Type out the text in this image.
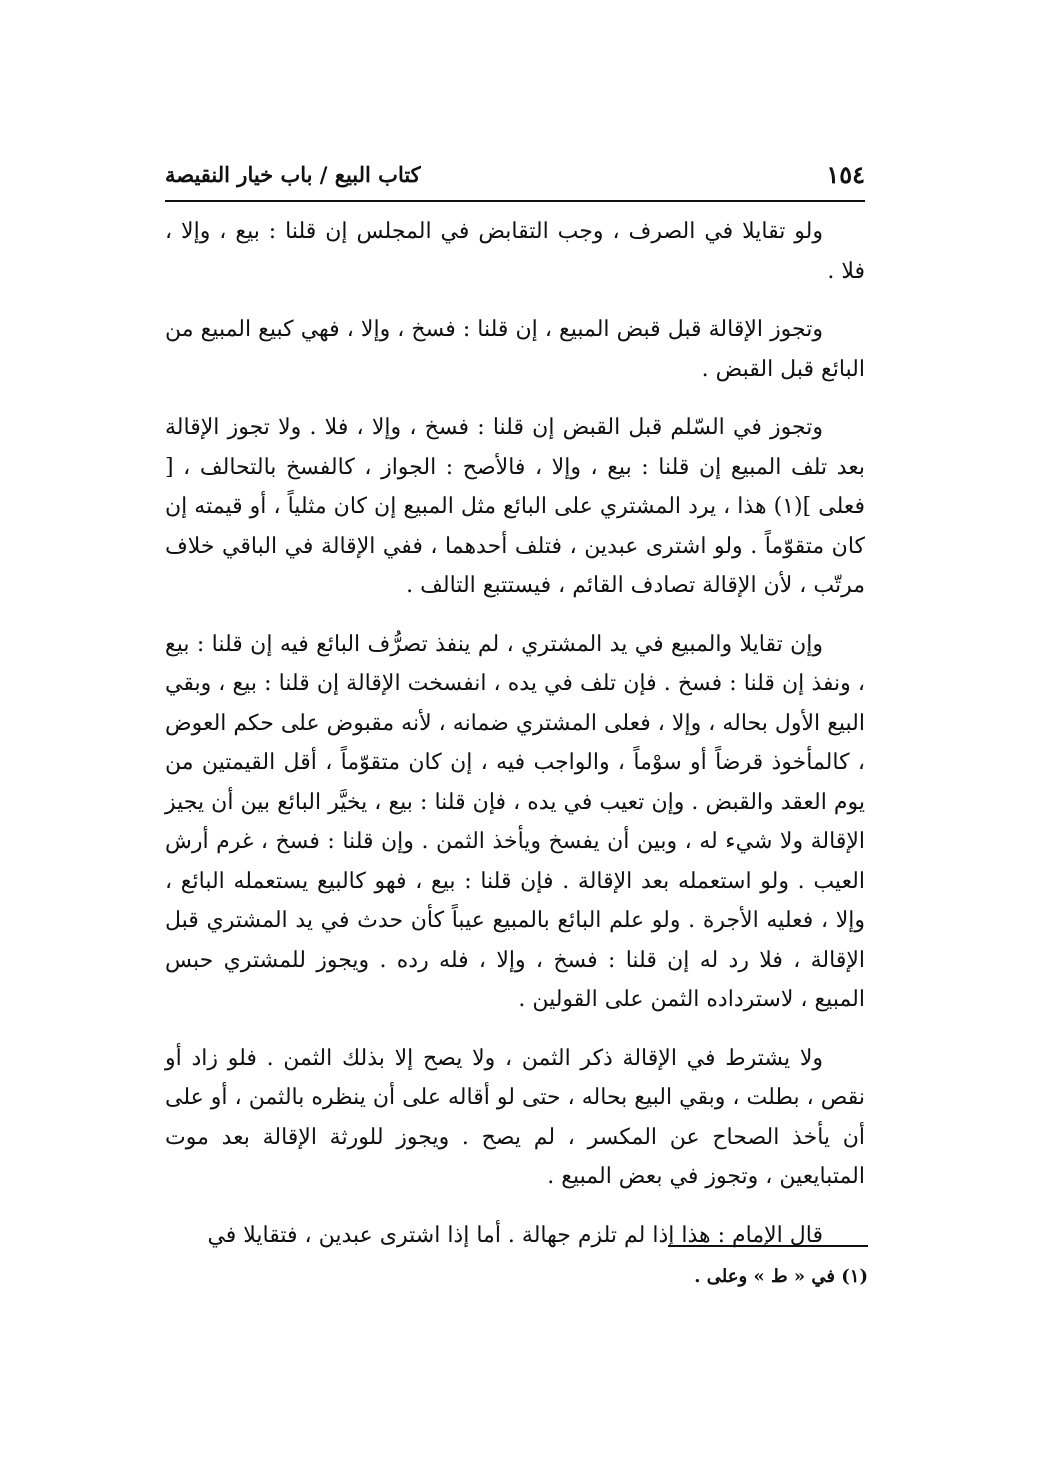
١٥٤
كتاب البيع / باب خيار النقيصة

ولو تقايلا في الصرف ، وجب التقابض في المجلس إن قلنا : بيع ، وإلا ، فلا .

وتجوز الإقالة قبل قبض المبيع ، إن قلنا : فسخ ، وإلا ، فهي كبيع المبيع من البائع قبل القبض .

وتجوز في السّلم قبل القبض إن قلنا : فسخ ، وإلا ، فلا . ولا تجوز الإقالة بعد تلف المبيع إن قلنا : بيع ، وإلا ، فالأصح : الجواز ، كالفسخ بالتحالف ، [ فعلى ](١) هذا ، يرد المشتري على البائع مثل المبيع إن كان مثلياً ، أو قيمته إن كان متقوّماً . ولو اشترى عبدين ، فتلف أحدهما ، ففي الإقالة في الباقي خلاف مرتّب ، لأن الإقالة تصادف القائم ، فيستتبع التالف .

وإن تقايلا والمبيع في يد المشتري ، لم ينفذ تصرُّف البائع فيه إن قلنا : بيع ، ونفذ إن قلنا : فسخ . فإن تلف في يده ، انفسخت الإقالة إن قلنا : بيع ، وبقي البيع الأول بحاله ، وإلا ، فعلى المشتري ضمانه ، لأنه مقبوض على حكم العوض ، كالمأخوذ قرضاً أو سوْماً ، والواجب فيه ، إن كان متقوّماً ، أقل القيمتين من يوم العقد والقبض . وإن تعيب في يده ، فإن قلنا : بيع ، يخيَّر البائع بين أن يجيز الإقالة ولا شيء له ، وبين أن يفسخ ويأخذ الثمن . وإن قلنا : فسخ ، غرم أرش العيب . ولو استعمله بعد الإقالة . فإن قلنا : بيع ، فهو كالبيع يستعمله البائع ، وإلا ، فعليه الأجرة . ولو علم البائع بالمبيع عيباً كأن حدث في يد المشتري قبل الإقالة ، فلا رد له إن قلنا : فسخ ، وإلا ، فله رده . ويجوز للمشتري حبس المبيع ، لاسترداده الثمن على القولين .

ولا يشترط في الإقالة ذكر الثمن ، ولا يصح إلا بذلك الثمن . فلو زاد أو نقص ، بطلت ، وبقي البيع بحاله ، حتى لو أقاله على أن ينظره بالثمن ، أو على أن يأخذ الصحاح عن المكسر ، لم يصح . ويجوز للورثة الإقالة بعد موت المتبايعين ، وتجوز في بعض المبيع .

قال الإمام : هذا إذا لم تلزم جهالة . أما إذا اشترى عبدين ، فتقايلا في

(١) في « ط » وعلى .
